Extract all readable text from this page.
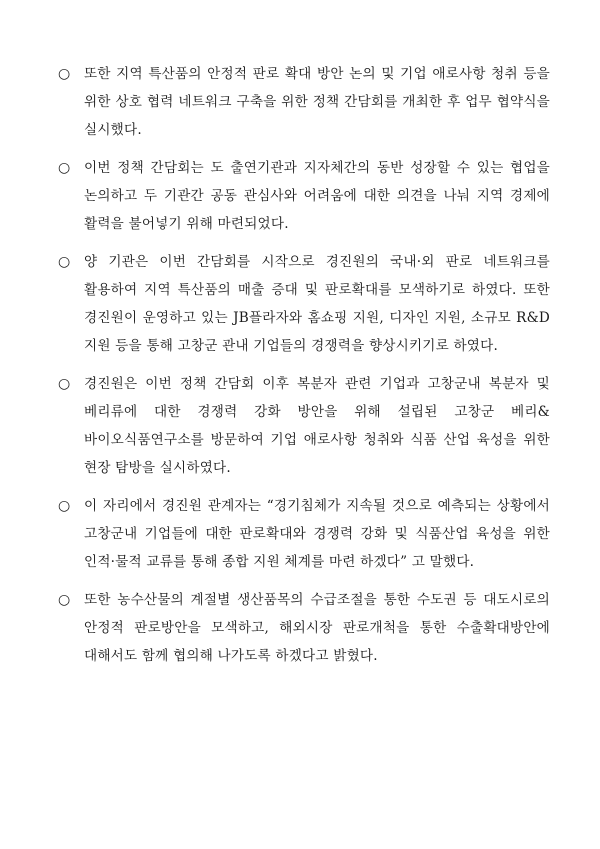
○	또한 지역 특산품의 안정적 판로 확대 방안 논의 및 기업 애로사항 청취 등을 위한 상호 협력 네트워크 구축을 위한 정책 간담회를 개최한 후 업무 협약식을 실시했다.
○	이번 정책 간담회는 도 출연기관과 지자체간의 동반 성장할 수 있는 협업을 논의하고 두 기관간 공동 관심사와 어려움에 대한 의견을 나눠 지역 경제에 활력을 불어넣기 위해 마련되었다.
○	양 기관은 이번 간담회를 시작으로 경진원의 국내·외 판로 네트워크를 활용하여 지역 특산품의 매출 증대 및 판로확대를 모색하기로 하였다. 또한 경진원이 운영하고 있는 JB플라자와 홈쇼핑 지원, 디자인 지원, 소규모 R&D 지원 등을 통해 고창군 관내 기업들의 경쟁력을 향상시키기로 하였다.
○	경진원은 이번 정책 간담회 이후 복분자 관련 기업과 고창군내 복분자 및 베리류에 대한 경쟁력 강화 방안을 위해 설립된 고창군 베리&바이오식품연구소를 방문하여 기업 애로사항 청취와 식품 산업 육성을 위한 현장 탐방을 실시하였다.
○	이 자리에서 경진원 관계자는 “경기침체가 지속될 것으로 예측되는 상황에서 고창군내 기업들에 대한 판로확대와 경쟁력 강화 및 식품산업 육성을 위한 인적·물적 교류를 통해 종합 지원 체계를 마련 하겠다” 고 말했다.
○	또한 농수산물의 계절별 생산품목의 수급조절을 통한 수도권 등 대도시로의 안정적 판로방안을 모색하고, 해외시장 판로개척을 통한 수출확대방안에 대해서도 함께 협의해 나가도록 하겠다고 밝혔다.
